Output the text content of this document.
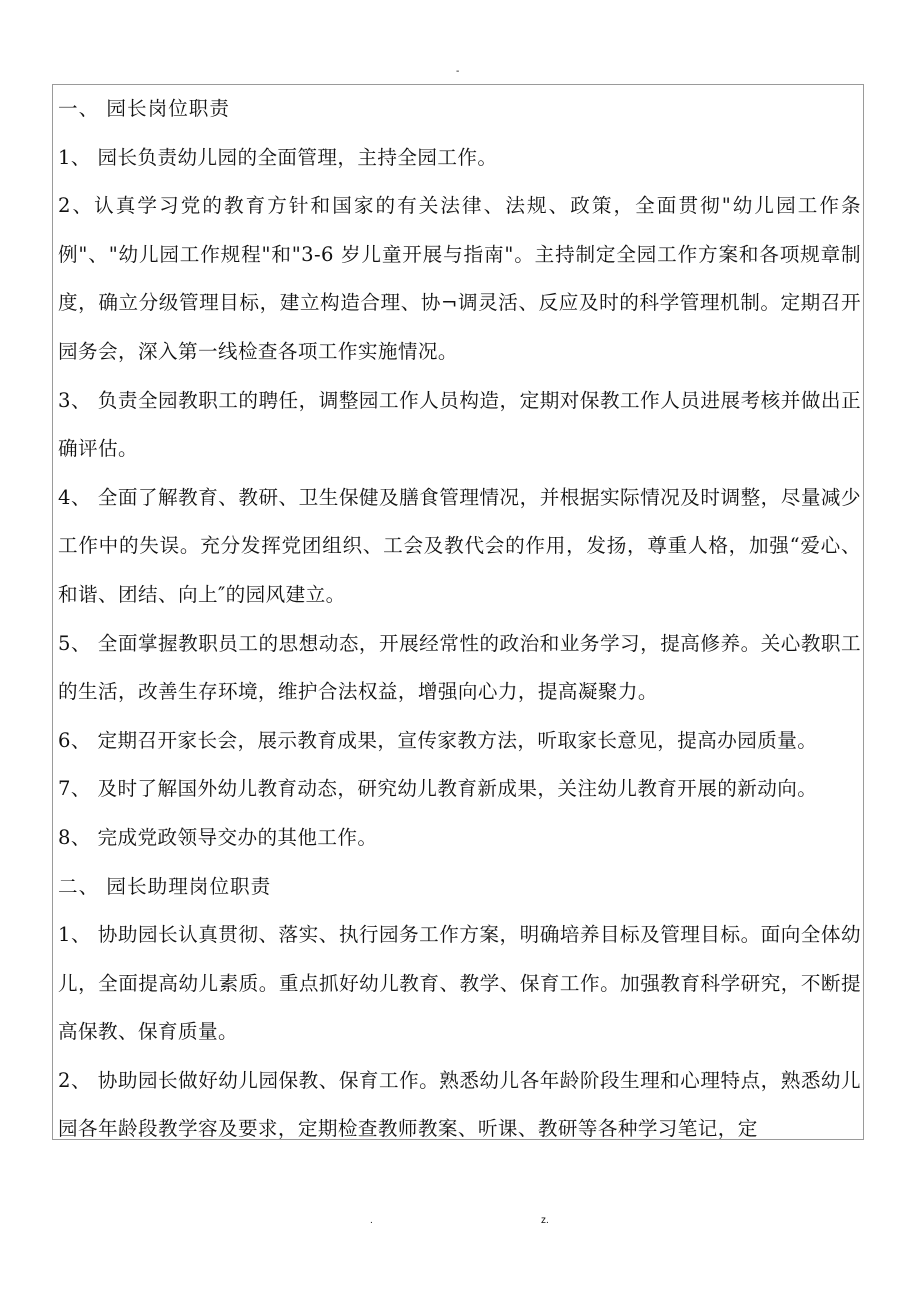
-

一、 园长岗位职责

1、 园长负责幼儿园的全面管理，主持全园工作。

2、认真学习党的教育方针和国家的有关法律、法规、政策，全面贯彻"幼儿园工作条例"、"幼儿园工作规程"和"3-6 岁儿童开展与指南"。主持制定全园工作方案和各项规章制度，确立分级管理目标，建立构造合理、协¬调灵活、反应及时的科学管理机制。定期召开园务会，深入第一线检查各项工作实施情况。

3、 负责全园教职工的聘任，调整园工作人员构造，定期对保教工作人员进展考核并做出正确评估。

4、 全面了解教育、教研、卫生保健及膳食管理情况，并根据实际情况及时调整，尽量减少工作中的失误。充分发挥党团组织、工会及教代会的作用，发扬，尊重人格，加强“爱心、和谐、团结、向上″的园风建立。

5、 全面掌握教职员工的思想动态，开展经常性的政治和业务学习，提高修养。关心教职工的生活，改善生存环境，维护合法权益，增强向心力，提高凝聚力。

6、 定期召开家长会，展示教育成果，宣传家教方法，听取家长意见，提高办园质量。

7、 及时了解国外幼儿教育动态，研究幼儿教育新成果，关注幼儿教育开展的新动向。

8、 完成党政领导交办的其他工作。

二、 园长助理岗位职责

1、 协助园长认真贯彻、落实、执行园务工作方案，明确培养目标及管理目标。面向全体幼儿，全面提高幼儿素质。重点抓好幼儿教育、教学、保育工作。加强教育科学研究，不断提高保教、保育质量。

2、 协助园长做好幼儿园保教、保育工作。熟悉幼儿各年龄阶段生理和心理特点，熟悉幼儿园各年龄段教学容及要求，定期检查教师教案、听课、教研等各种学习笔记，定

.	z.
